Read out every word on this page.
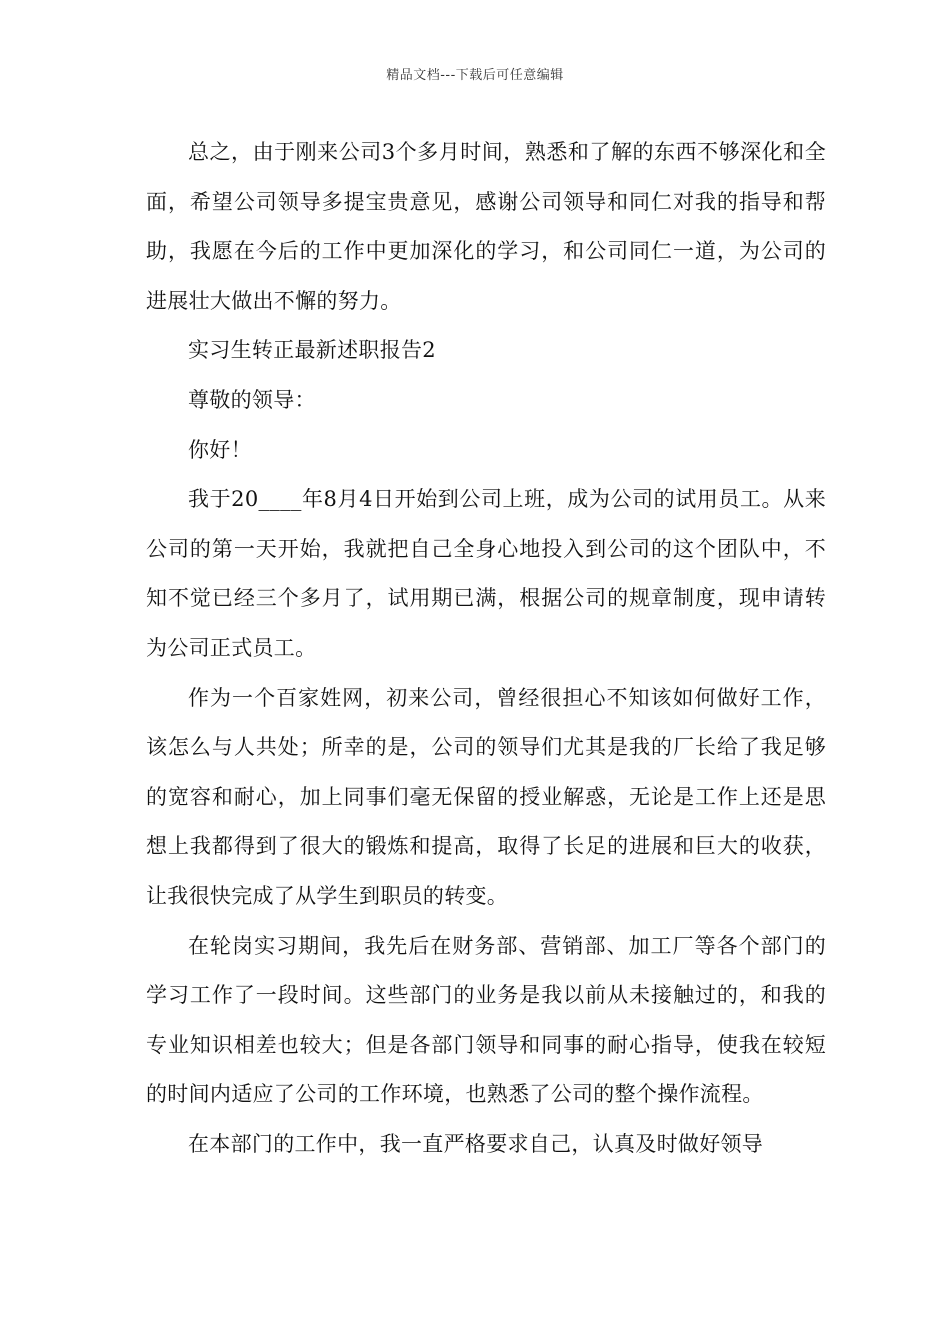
精品文档---下载后可任意编辑

总之，由于刚来公司3个多月时间，熟悉和了解的东西不够深化和全面，希望公司领导多提宝贵意见，感谢公司领导和同仁对我的指导和帮助，我愿在今后的工作中更加深化的学习，和公司同仁一道，为公司的进展壮大做出不懈的努力。

实习生转正最新述职报告2

尊敬的领导：

你好！

我于20____年8月4日开始到公司上班，成为公司的试用员工。从来公司的第一天开始，我就把自己全身心地投入到公司的这个团队中，不知不觉已经三个多月了，试用期已满，根据公司的规章制度，现申请转为公司正式员工。

作为一个百家姓网，初来公司，曾经很担心不知该如何做好工作，该怎么与人共处；所幸的是，公司的领导们尤其是我的厂长给了我足够的宽容和耐心，加上同事们毫无保留的授业解惑，无论是工作上还是思想上我都得到了很大的锻炼和提高，取得了长足的进展和巨大的收获，让我很快完成了从学生到职员的转变。

在轮岗实习期间，我先后在财务部、营销部、加工厂等各个部门的学习工作了一段时间。这些部门的业务是我以前从未接触过的，和我的专业知识相差也较大；但是各部门领导和同事的耐心指导，使我在较短的时间内适应了公司的工作环境，也熟悉了公司的整个操作流程。

在本部门的工作中，我一直严格要求自己，认真及时做好领导
